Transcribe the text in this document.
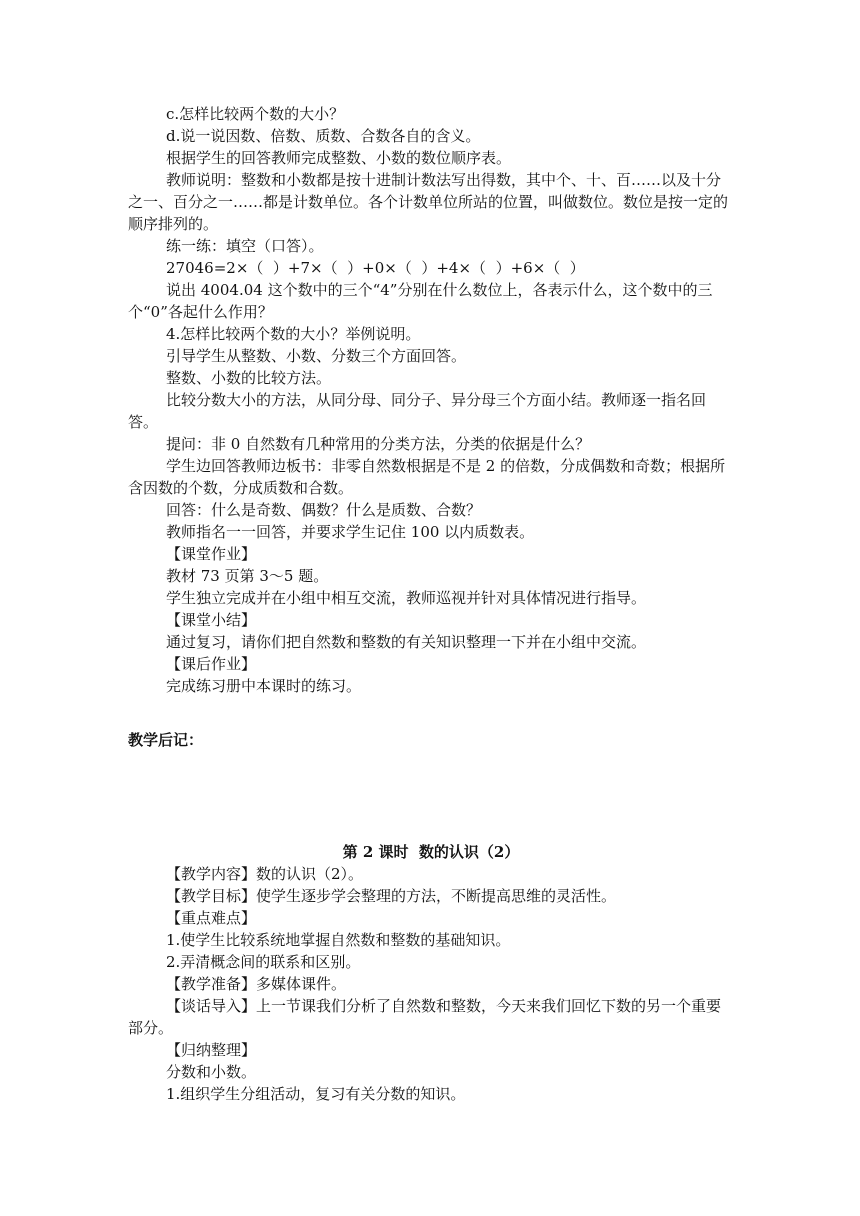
c.怎样比较两个数的大小？
d.说一说因数、倍数、质数、合数各自的含义。
根据学生的回答教师完成整数、小数的数位顺序表。
教师说明：整数和小数都是按十进制计数法写出得数，其中个、十、百……以及十分之一、百分之一……都是计数单位。各个计数单位所站的位置，叫做数位。数位是按一定的顺序排列的。
练一练：填空（口答）。
27046=2×（  ）+7×（  ）+0×（  ）+4×（  ）+6×（  ）
说出 4004.04 这个数中的三个“4”分别在什么数位上，各表示什么，这个数中的三个“0”各起什么作用？
4.怎样比较两个数的大小？举例说明。
引导学生从整数、小数、分数三个方面回答。
整数、小数的比较方法。
比较分数大小的方法，从同分母、同分子、异分母三个方面小结。教师逐一指名回答。
提问：非 0 自然数有几种常用的分类方法，分类的依据是什么？
学生边回答教师边板书：非零自然数根据是不是 2 的倍数，分成偶数和奇数；根据所含因数的个数，分成质数和合数。
回答：什么是奇数、偶数？什么是质数、合数？
教师指名一一回答，并要求学生记住 100 以内质数表。
【课堂作业】
教材 73 页第 3～5 题。
学生独立完成并在小组中相互交流，教师巡视并针对具体情况进行指导。
【课堂小结】
通过复习，请你们把自然数和整数的有关知识整理一下并在小组中交流。
【课后作业】
完成练习册中本课时的练习。
教学后记：
第 2 课时  数的认识（2）
【教学内容】数的认识（2）。
【教学目标】使学生逐步学会整理的方法，不断提高思维的灵活性。
【重点难点】
1.使学生比较系统地掌握自然数和整数的基础知识。
2.弄清概念间的联系和区别。
【教学准备】多媒体课件。
【谈话导入】上一节课我们分析了自然数和整数，今天来我们回忆下数的另一个重要部分。
【归纳整理】
分数和小数。
1.组织学生分组活动，复习有关分数的知识。
